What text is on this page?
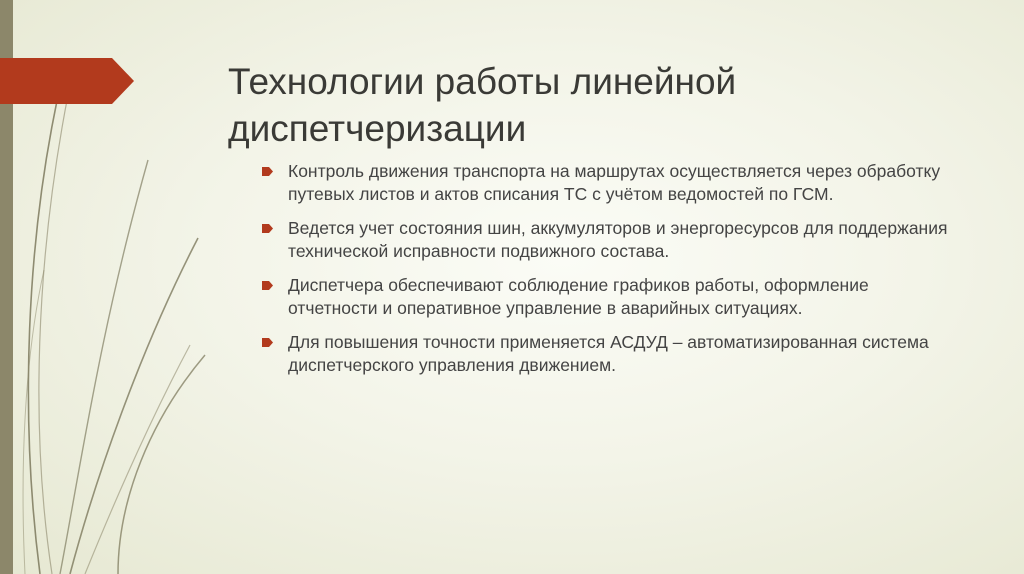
Технологии работы линейной
диспетчеризации
Контроль движения транспорта на маршрутах осуществляется через обработку путевых листов и актов списания ТС с учётом ведомостей по ГСМ.
Ведется учет состояния шин, аккумуляторов и энергоресурсов для поддержания технической исправности подвижного состава.
Диспетчера обеспечивают соблюдение графиков работы, оформление отчетности и оперативное управление в аварийных ситуациях.
Для повышения точности применяется АСДУД – автоматизированная система диспетчерского управления движением.
